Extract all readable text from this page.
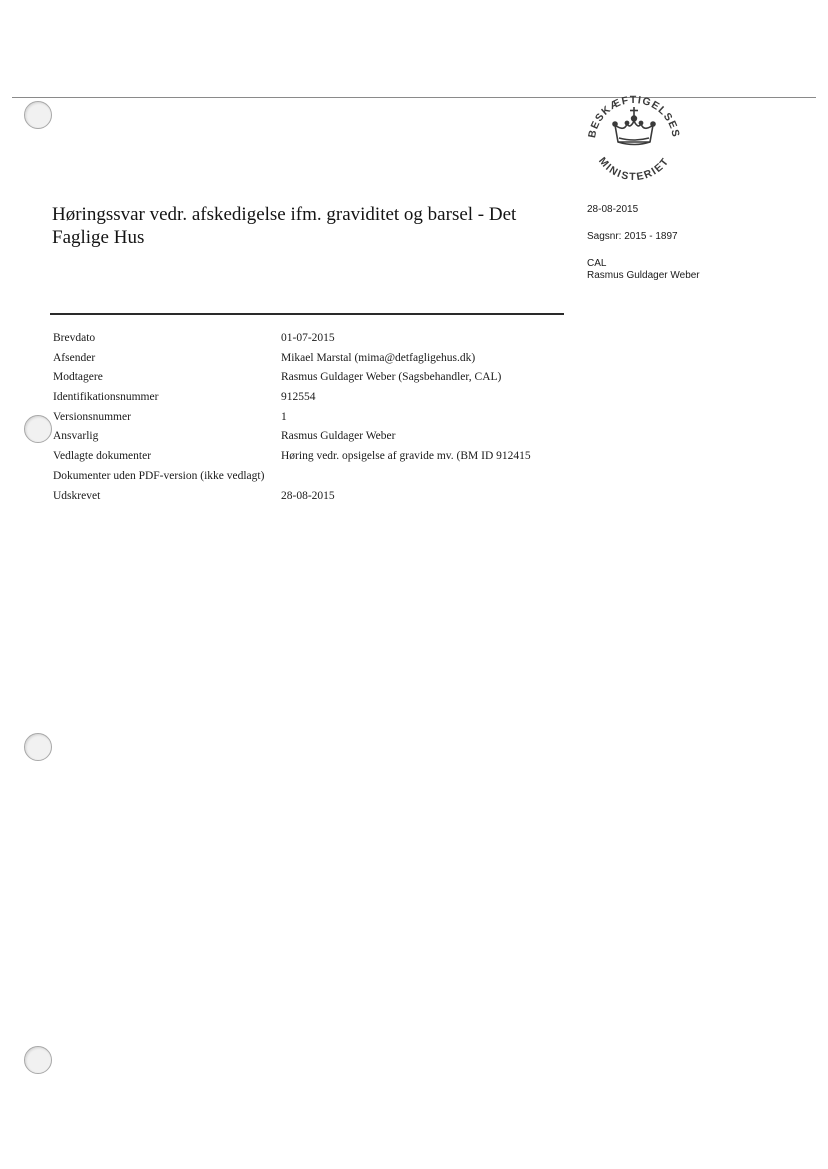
BESKÆFTIGELSES
MINISTERIET
Høringssvar vedr. afskedigelse ifm. graviditet og barsel - Det Faglige Hus
28-08-2015
Sagsnr: 2015 - 1897
CAL
Rasmus Guldager Weber
Brevdato	01-07-2015
Afsender	Mikael Marstal (mima@detfagligehus.dk)
Modtagere	Rasmus Guldager Weber (Sagsbehandler, CAL)
Identifikationsnummer	912554
Versionsnummer	1
Ansvarlig	Rasmus Guldager Weber
Vedlagte dokumenter	Høring vedr. opsigelse af gravide mv. (BM ID 912415
Dokumenter uden PDF-version (ikke vedlagt)
Udskrevet	28-08-2015
